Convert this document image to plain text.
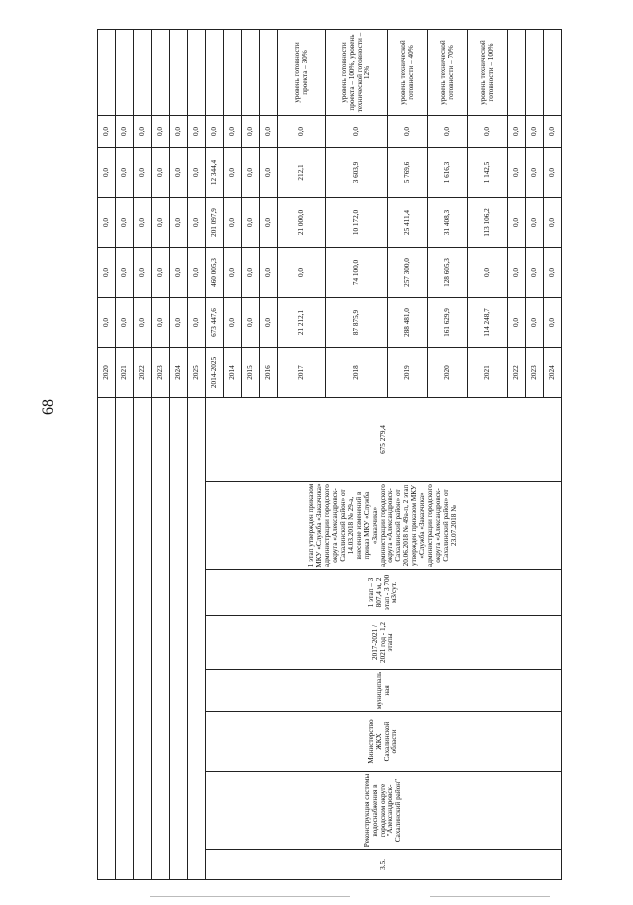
68
								2020	0,0	0,0	0,0	0,0	0,0	
								2021	0,0	0,0	0,0	0,0	0,0	
								2022	0,0	0,0	0,0	0,0	0,0	
								2023	0,0	0,0	0,0	0,0	0,0	
								2024	0,0	0,0	0,0	0,0	0,0	
								2025	0,0	0,0	0,0	0,0	0,0	
3.5.	Реконструкция системы водоснабжения в городском округе "Александровск-Сахалинский район"	Министерство ЖКХ Сахалинской области	муниципальная	2017-2021 / 2021 год - 1,2 этапы	1 этап – 3 807,4 м, 2 этап - 3 700 м3/сут.	1 этап утвержден приказом МКУ «Служба «Заказчика» администрации городского округа «Александровск-Сахалинский район» от 14.03.2018 № 29-а, внесение изменений в приказ МКУ «Служба «Заказчика» администрации городского округа «Александровск-Сахалинский район» от 20.06.2018 № 49а-п, 2 этап утвержден приказом МКУ «Служба «Заказчика» администрации городского округа «Александровск-Сахалинский район» от 23.07.2018 №	675 279,4	2014-2025	673 447,6	460 005,3	201 097,9	12 344,4	0,0	
								2014	0,0	0,0	0,0	0,0	0,0	
								2015	0,0	0,0	0,0	0,0	0,0	
								2016	0,0	0,0	0,0	0,0	0,0	
								2017	21 212,1	0,0	21 000,0	212,1	0,0	уровень готовности проекта – 30%
								2018	87 875,9	74 100,0	10 172,0	3 603,9	0,0	уровень готовности проекта – 100%, уровень технической готовности – 12%
								2019	288 481,0	257 300,0	25 411,4	5 769,6	0,0	уровень технической готовности – 40%
								2020	161 629,9	128 605,3	31 408,3	1 616,3	0,0	уровень технической готовности – 70%
								2021	114 248,7	0,0	113 106,2	1 142,5	0,0	уровень технической готовности – 100%
								2022	0,0	0,0	0,0	0,0	0,0	
								2023	0,0	0,0	0,0	0,0	0,0	
								2024	0,0	0,0	0,0	0,0	0,0	
